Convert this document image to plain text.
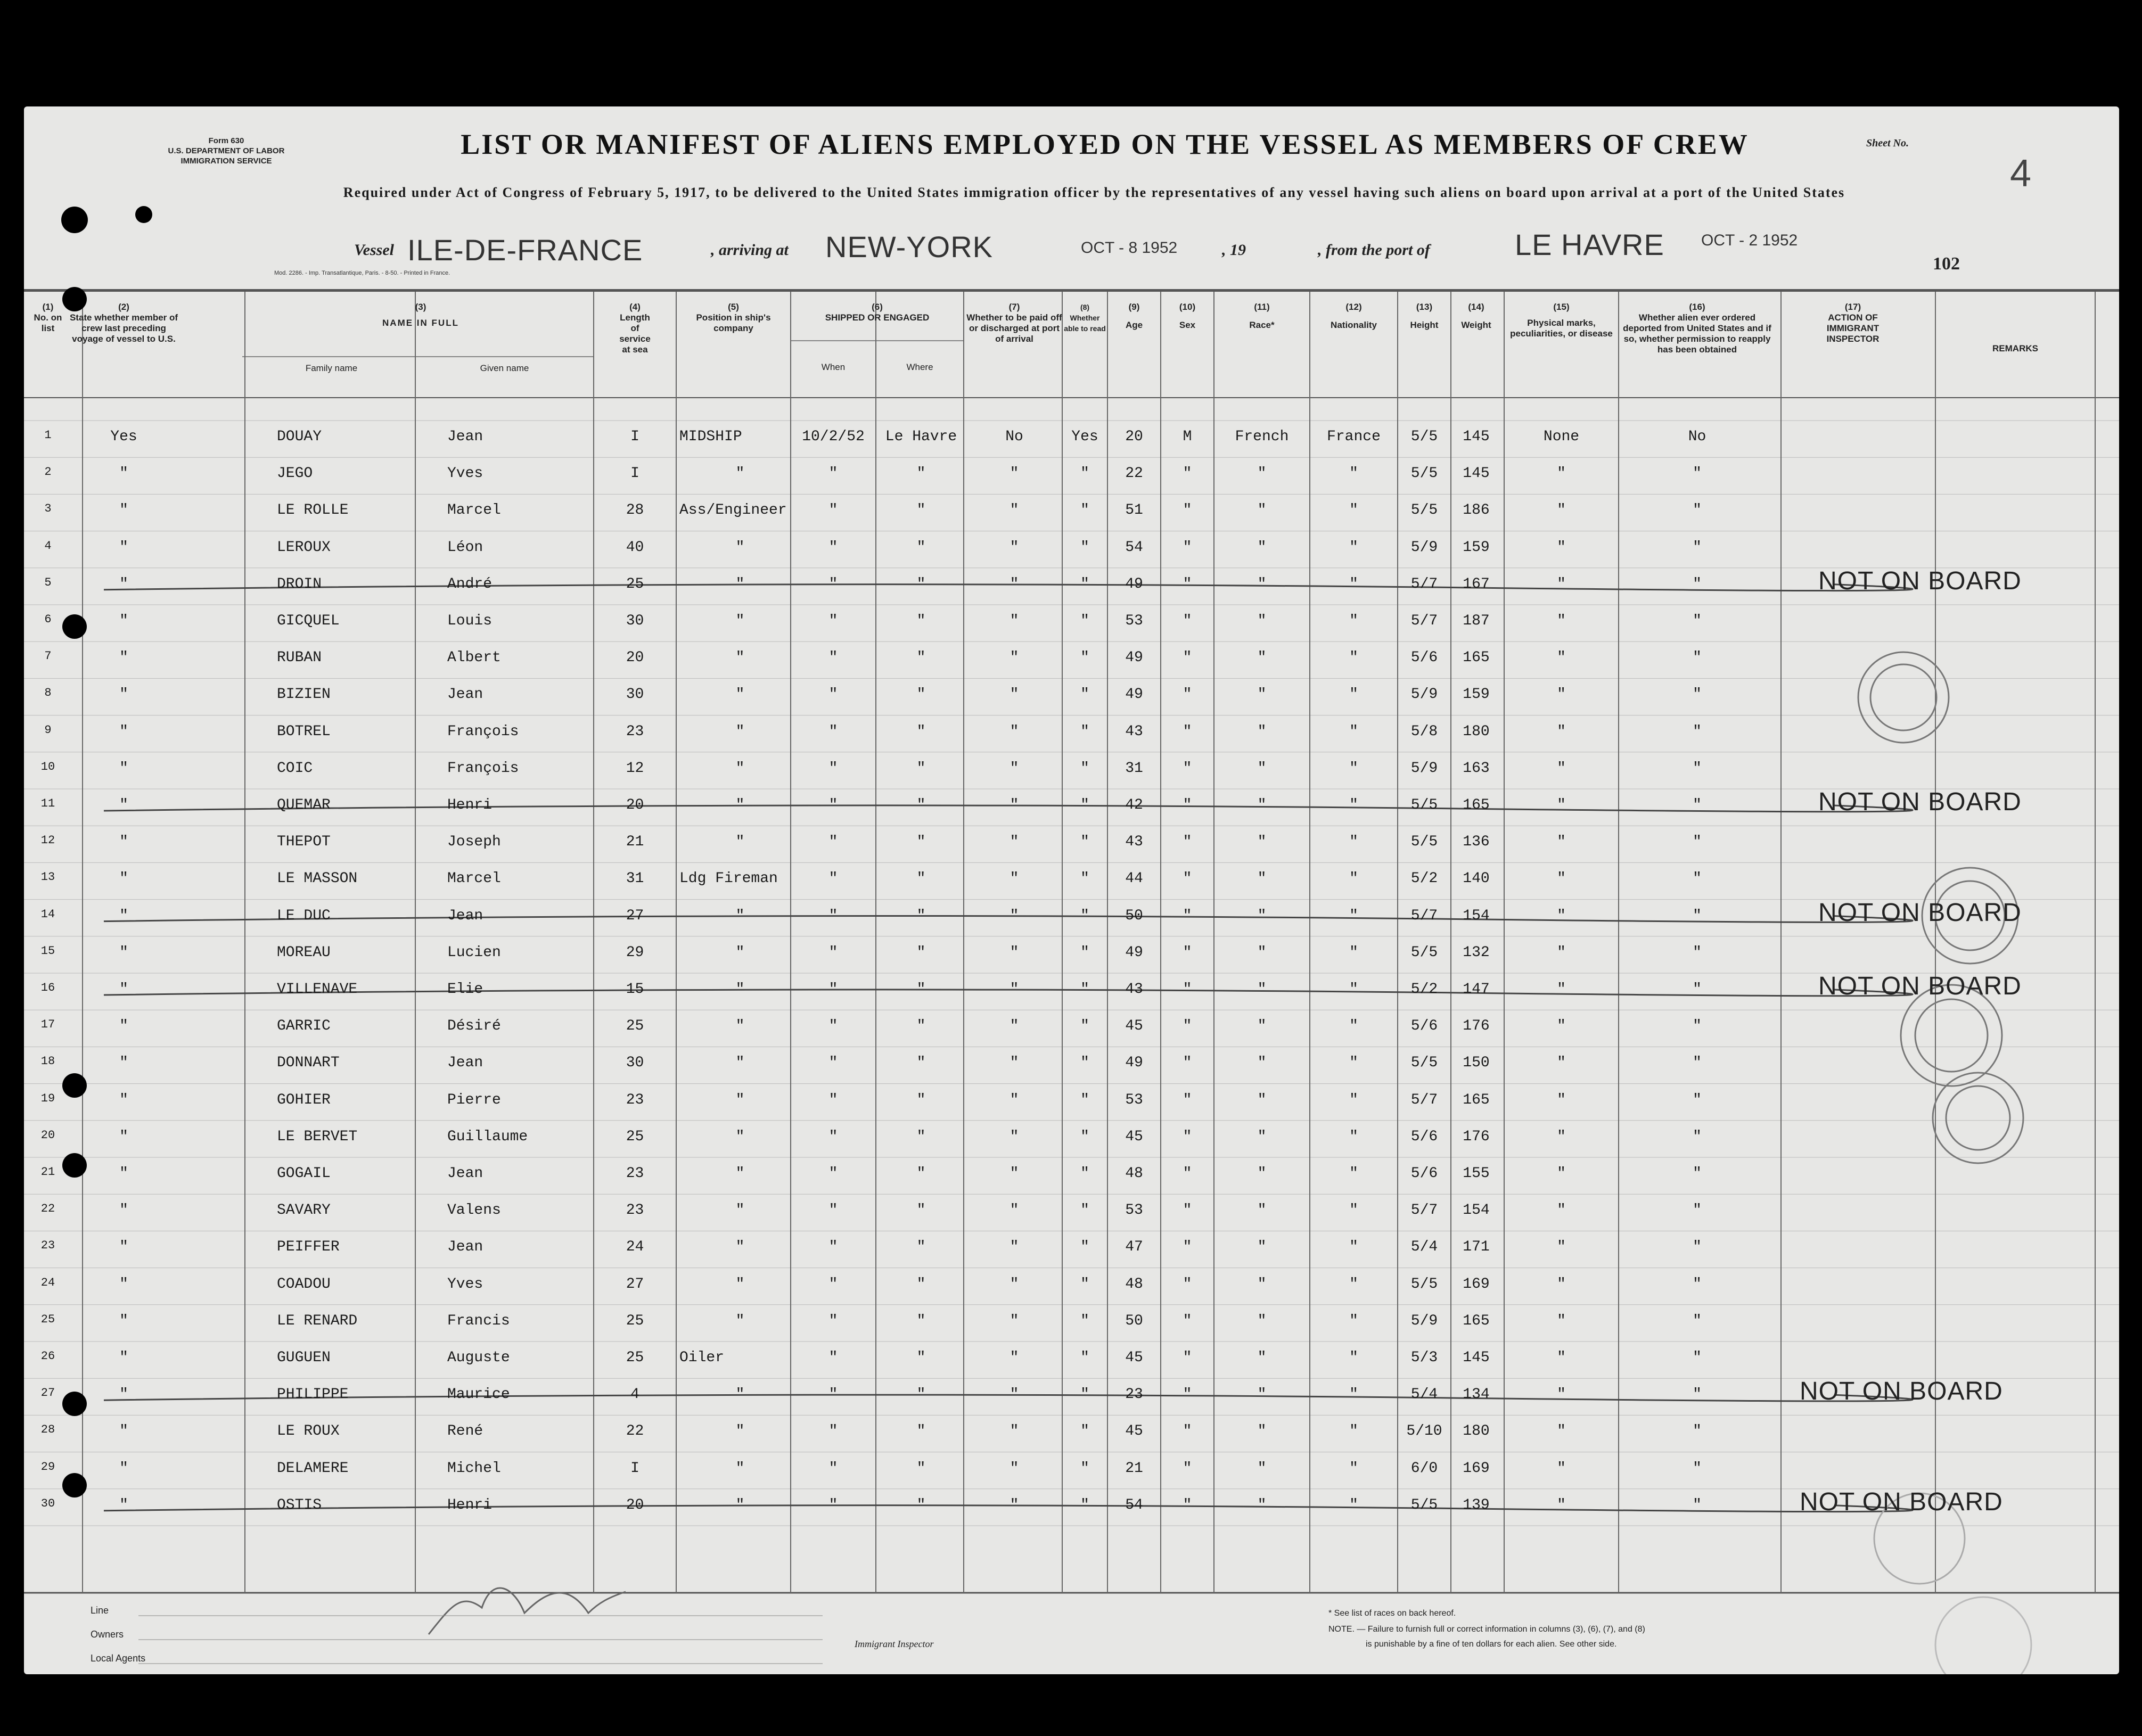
Form 630
U.S. DEPARTMENT OF LABOR
IMMIGRATION SERVICE
LIST OR MANIFEST OF ALIENS EMPLOYED ON THE VESSEL AS MEMBERS OF CREW	Sheet No.
4
Required under Act of Congress of February 5, 1917, to be delivered to the United States immigration officer by the representatives of any vessel having such aliens on board upon arrival at a port of the United States
Vessel ILE-DE-FRANCE	, arriving at NEW-YORK	OCT - 8 1952	, 19	, from the port of	LE HAVRE OCT - 2 1952
Mod. 2286. - Imp. Transatlantique, Paris. - 8-50. - Printed in France.	102
(1)
No. on list
(2)
State whether member of crew last preceding voyage of vessel to U.S.
(3)
NAME IN FULL
Family name	Given name
(4)
Length of service at sea
(5)
Position in ship's company
(6)
SHIPPED OR ENGAGED
When	Where
(7)
Whether to be paid off or discharged at port of arrival
(8)
Whether able to read
(9)
Age
(10)
Sex
(11)
Race*
(12)
Nationality
(13)
Height
(14)
Weight
(15)
Physical marks, peculiarities, or disease
(16)
Whether alien ever ordered deported from United States and if so, whether permission to reapply has been obtained
(17)
ACTION OF IMMIGRANT INSPECTOR
REMARKS
1	Yes	DOUAY	Jean	I	MIDSHIP	10/2/52	Le Havre	No	Yes	20	M	French	France	5/5	145	None	No
2	"	JEGO	Yves	I	"	"	"	"	"	22	"	"	"	5/5	145	"	"
3	"	LE ROLLE	Marcel	28	Ass/Engineer	"	"	"	"	51	"	"	"	5/5	186	"	"
4	"	LEROUX	Léon	40	"	"	"	"	"	54	"	"	"	5/9	159	"	"
5	"	DROIN	André	25	"	"	"	"	"	49	"	"	"	5/7	167	"	"
6	"	GICQUEL	Louis	30	"	"	"	"	"	53	"	"	"	5/7	187	"	"
7	"	RUBAN	Albert	20	"	"	"	"	"	49	"	"	"	5/6	165	"	"
8	"	BIZIEN	Jean	30	"	"	"	"	"	49	"	"	"	5/9	159	"	"
9	"	BOTREL	François	23	"	"	"	"	"	43	"	"	"	5/8	180	"	"
10	"	COIC	François	12	"	"	"	"	"	31	"	"	"	5/9	163	"	"
11	"	QUEMAR	Henri	20	"	"	"	"	"	42	"	"	"	5/5	165	"	"
12	"	THEPOT	Joseph	21	"	"	"	"	"	43	"	"	"	5/5	136	"	"
13	"	LE MASSON	Marcel	31	Ldg Fireman	"	"	"	"	44	"	"	"	5/2	140	"	"
14	"	LE DUC	Jean	27	"	"	"	"	"	50	"	"	"	5/7	154	"	"
15	"	MOREAU	Lucien	29	"	"	"	"	"	49	"	"	"	5/5	132	"	"
16	"	VILLENAVE	Elie	15	"	"	"	"	"	43	"	"	"	5/2	147	"	"
17	"	GARRIC	Désiré	25	"	"	"	"	"	45	"	"	"	5/6	176	"	"
18	"	DONNART	Jean	30	"	"	"	"	"	49	"	"	"	5/5	150	"	"
19	"	GOHIER	Pierre	23	"	"	"	"	"	53	"	"	"	5/7	165	"	"
20	"	LE BERVET	Guillaume	25	"	"	"	"	"	45	"	"	"	5/6	176	"	"
21	"	GOGAIL	Jean	23	"	"	"	"	"	48	"	"	"	5/6	155	"	"
22	"	SAVARY	Valens	23	"	"	"	"	"	53	"	"	"	5/7	154	"	"
23	"	PEIFFER	Jean	24	"	"	"	"	"	47	"	"	"	5/4	171	"	"
24	"	COADOU	Yves	27	"	"	"	"	"	48	"	"	"	5/5	169	"	"
25	"	LE RENARD	Francis	25	"	"	"	"	"	50	"	"	"	5/9	165	"	"
26	"	GUGUEN	Auguste	25	Oiler	"	"	"	"	45	"	"	"	5/3	145	"	"
27	"	PHILIPPE	Maurice	4	"	"	"	"	"	23	"	"	"	5/4	134	"	"
28	"	LE ROUX	René	22	"	"	"	"	"	45	"	"	"	5/10	180	"	"
29	"	DELAMERE	Michel	I	"	"	"	"	"	21	"	"	"	6/0	169	"	"
30	"	OSTIS	Henri	20	"	"	"	"	"	54	"	"	"	5/5	139	"	"
NOT ON BOARD
NOT ON BOARD
NOT ON BOARD
NOT ON BOARD
NOT ON BOARD
NOT ON BOARD
Line
Owners
Local Agents
Immigrant Inspector
* See list of races on back hereof.
NOTE. — Failure to furnish full or correct information in columns (3), (6), (7), and (8)
is punishable by a fine of ten dollars for each alien. See other side.
